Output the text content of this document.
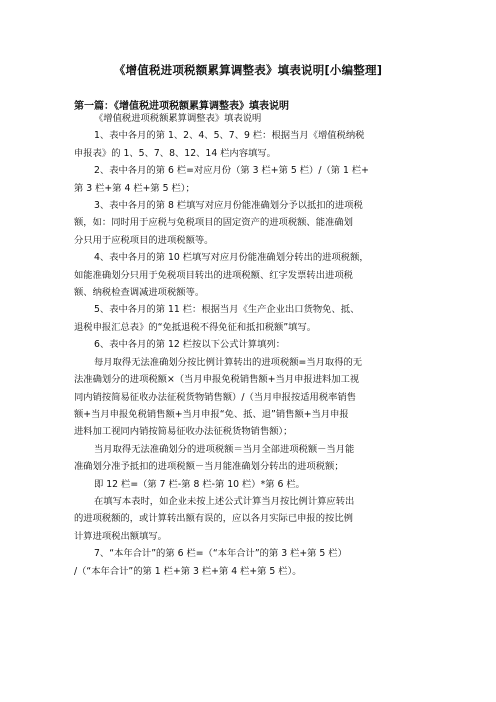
《增值税进项税额累算调整表》填表说明[小编整理]
第一篇：《增值税进项税额累算调整表》填表说明
《增值税进项税额累算调整表》填表说明
1、表中各月的第 1、2、4、5、7、9 栏：根据当月《增值税纳税
申报表》的 1、5、7、8、12、14 栏内容填写。
2、表中各月的第 6 栏=对应月份（第 3 栏+第 5 栏）/（第 1 栏+
第 3 栏+第 4 栏+第 5 栏）；
3、表中各月的第 8 栏填写对应月份能准确划分予以抵扣的进项税
额，如：同时用于应税与免税项目的固定资产的进项税额、能准确划
分只用于应税项目的进项税额等。
4、表中各月的第 10 栏填写对应月份能准确划分转出的进项税额，
如能准确划分只用于免税项目转出的进项税额、红字发票转出进项税
额、纳税检查调减进项税额等。
5、表中各月的第 11 栏：根据当月《生产企业出口货物免、抵、
退税申报汇总表》的“免抵退税不得免征和抵扣税额”填写。
6、表中各月的第 12 栏按以下公式计算填列：
每月取得无法准确划分按比例计算转出的进项税额=当月取得的无
法准确划分的进项税额×（当月申报免税销售额+当月申报进料加工视
同内销按简易征收办法征税货物销售额）/（当月申报按适用税率销售
额+当月申报免税销售额+当月申报“免、抵、退”销售额+当月申报
进料加工视同内销按简易征收办法征税货物销售额）；
当月取得无法准确划分的进项税额＝当月全部进项税额－当月能
准确划分准予抵扣的进项税额－当月能准确划分转出的进项税额；
即 12 栏=（第 7 栏-第 8 栏-第 10 栏）*第 6 栏。
在填写本表时，如企业未按上述公式计算当月按比例计算应转出
的进项税额的，或计算转出额有误的，应以各月实际已申报的按比例
计算进项税出额填写。
7、“本年合计”的第 6 栏=（“本年合计”的第 3 栏+第 5 栏）
/（“本年合计”的第 1 栏+第 3 栏+第 4 栏+第 5 栏）。
